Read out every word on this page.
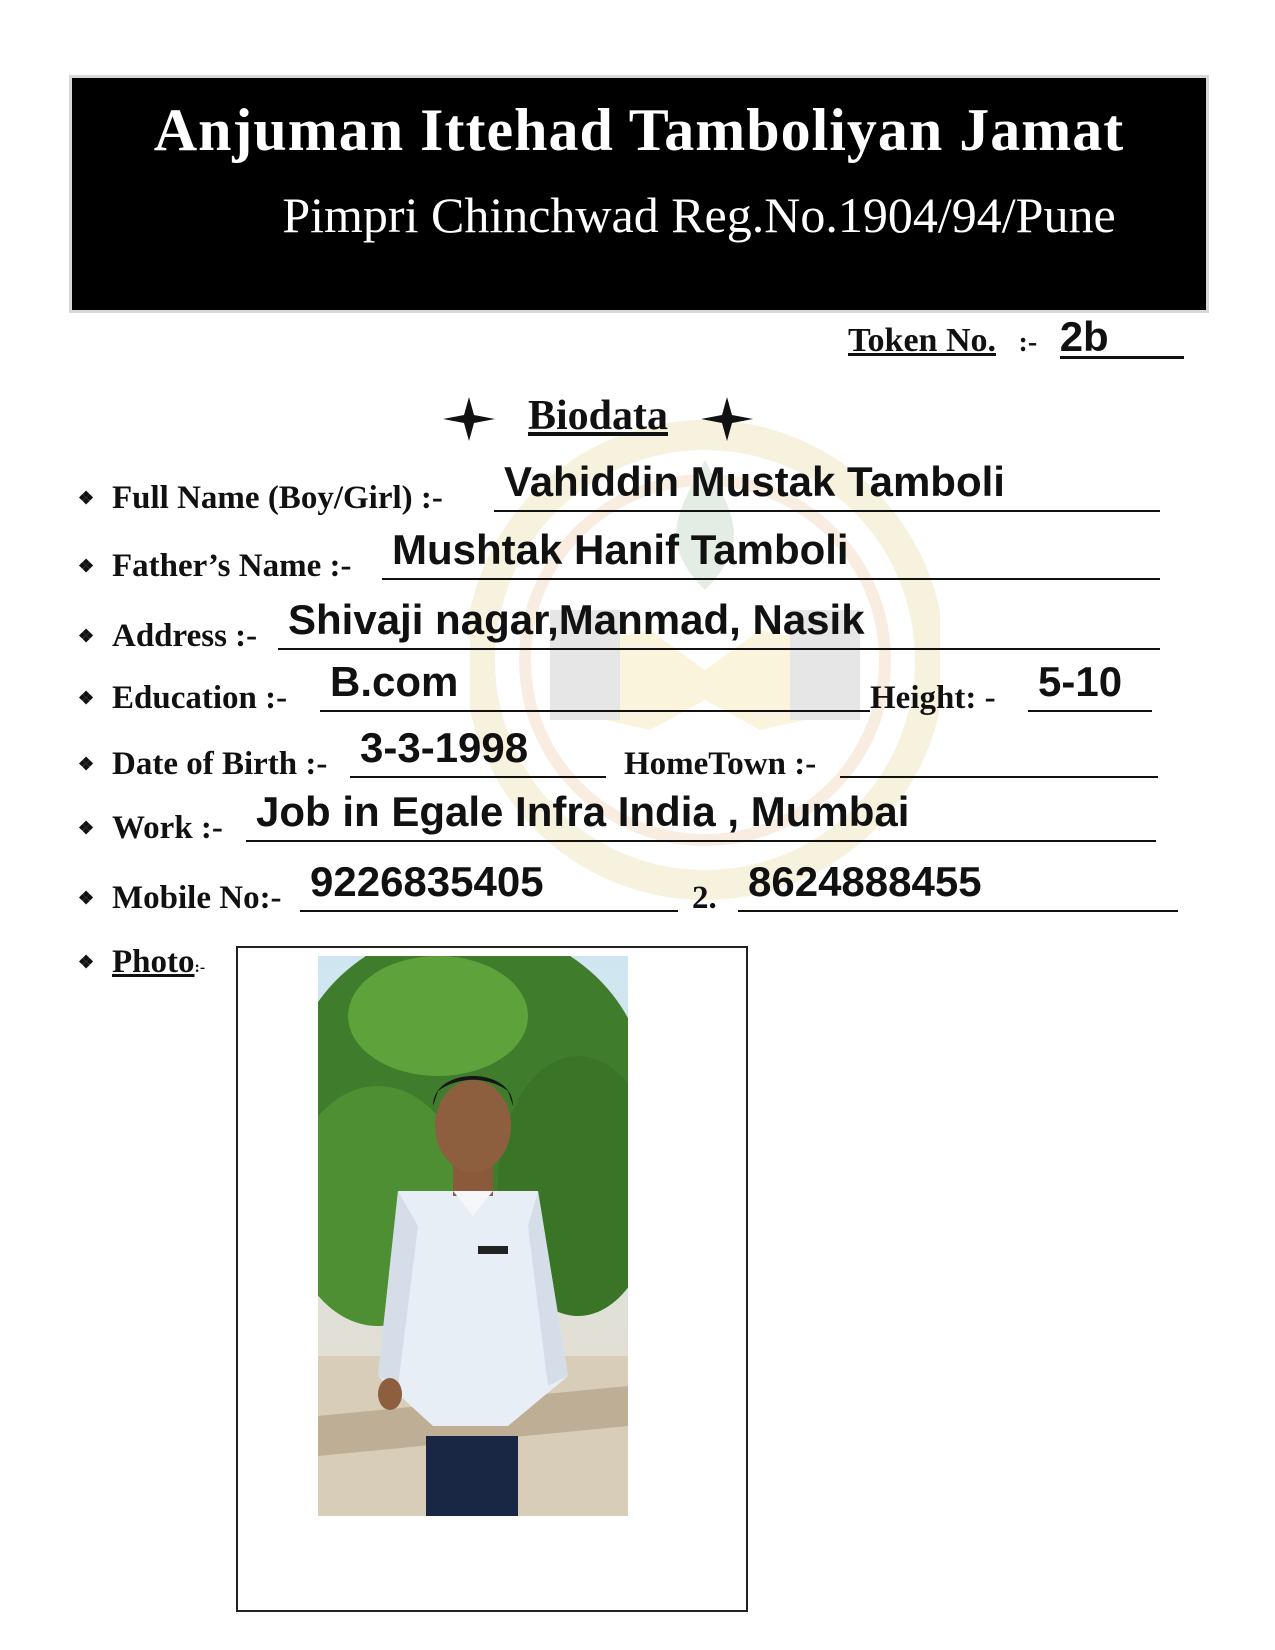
Anjuman Ittehad Tamboliyan Jamat
Pimpri Chinchwad Reg.No.1904/94/Pune
Token No. :- 2b
Biodata
❖ Full Name (Boy/Girl) :- Vahiddin Mustak Tamboli
❖ Father’s Name :- Mushtak Hanif Tamboli
❖ Address :- Shivaji nagar,Manmad, Nasik
❖ Education :- B.com	Height: - 5-10
❖ Date of Birth :- 3-3-1998	HomeTown :-
❖ Work :- Job in Egale Infra India , Mumbai
❖ Mobile No:- 9226835405	2. 8624888455
❖ Photo:-
